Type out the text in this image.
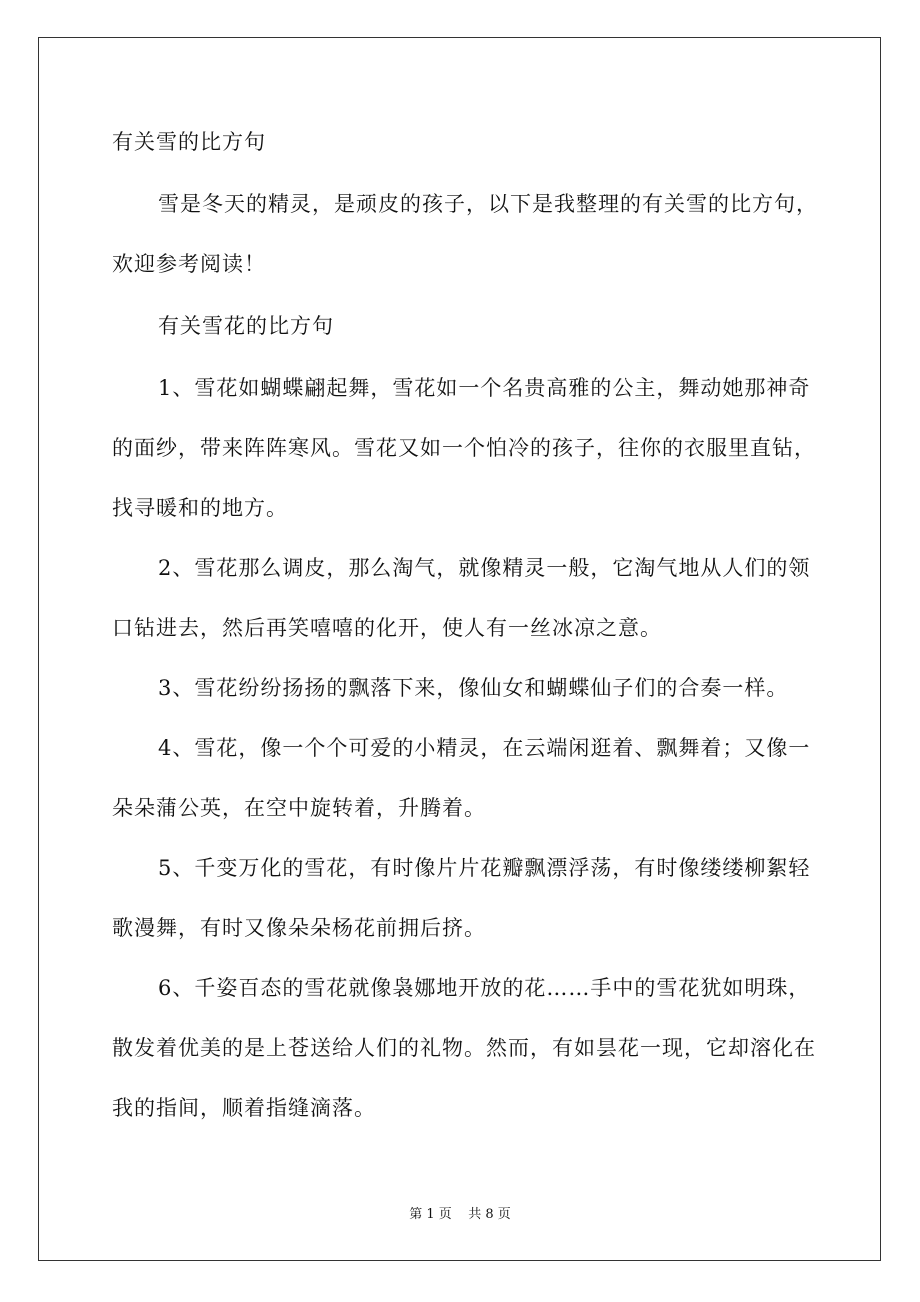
有关雪的比方句

雪是冬天的精灵，是顽皮的孩子，以下是我整理的有关雪的比方句，欢迎参考阅读！

有关雪花的比方句

1、雪花如蝴蝶翩起舞，雪花如一个名贵高雅的公主，舞动她那神奇的面纱，带来阵阵寒风。雪花又如一个怕冷的孩子，往你的衣服里直钻，找寻暖和的地方。

2、雪花那么调皮，那么淘气，就像精灵一般，它淘气地从人们的领口钻进去，然后再笑嘻嘻的化开，使人有一丝冰凉之意。

3、雪花纷纷扬扬的飘落下来，像仙女和蝴蝶仙子们的合奏一样。

4、雪花，像一个个可爱的小精灵，在云端闲逛着、飘舞着；又像一朵朵蒲公英，在空中旋转着，升腾着。

5、千变万化的雪花，有时像片片花瓣飘漂浮荡，有时像缕缕柳絮轻歌漫舞，有时又像朵朵杨花前拥后挤。

6、千姿百态的雪花就像袅娜地开放的花……手中的雪花犹如明珠，散发着优美的是上苍送给人们的礼物。然而，有如昙花一现，它却溶化在我的指间，顺着指缝滴落。

第 1 页    共 8 页
